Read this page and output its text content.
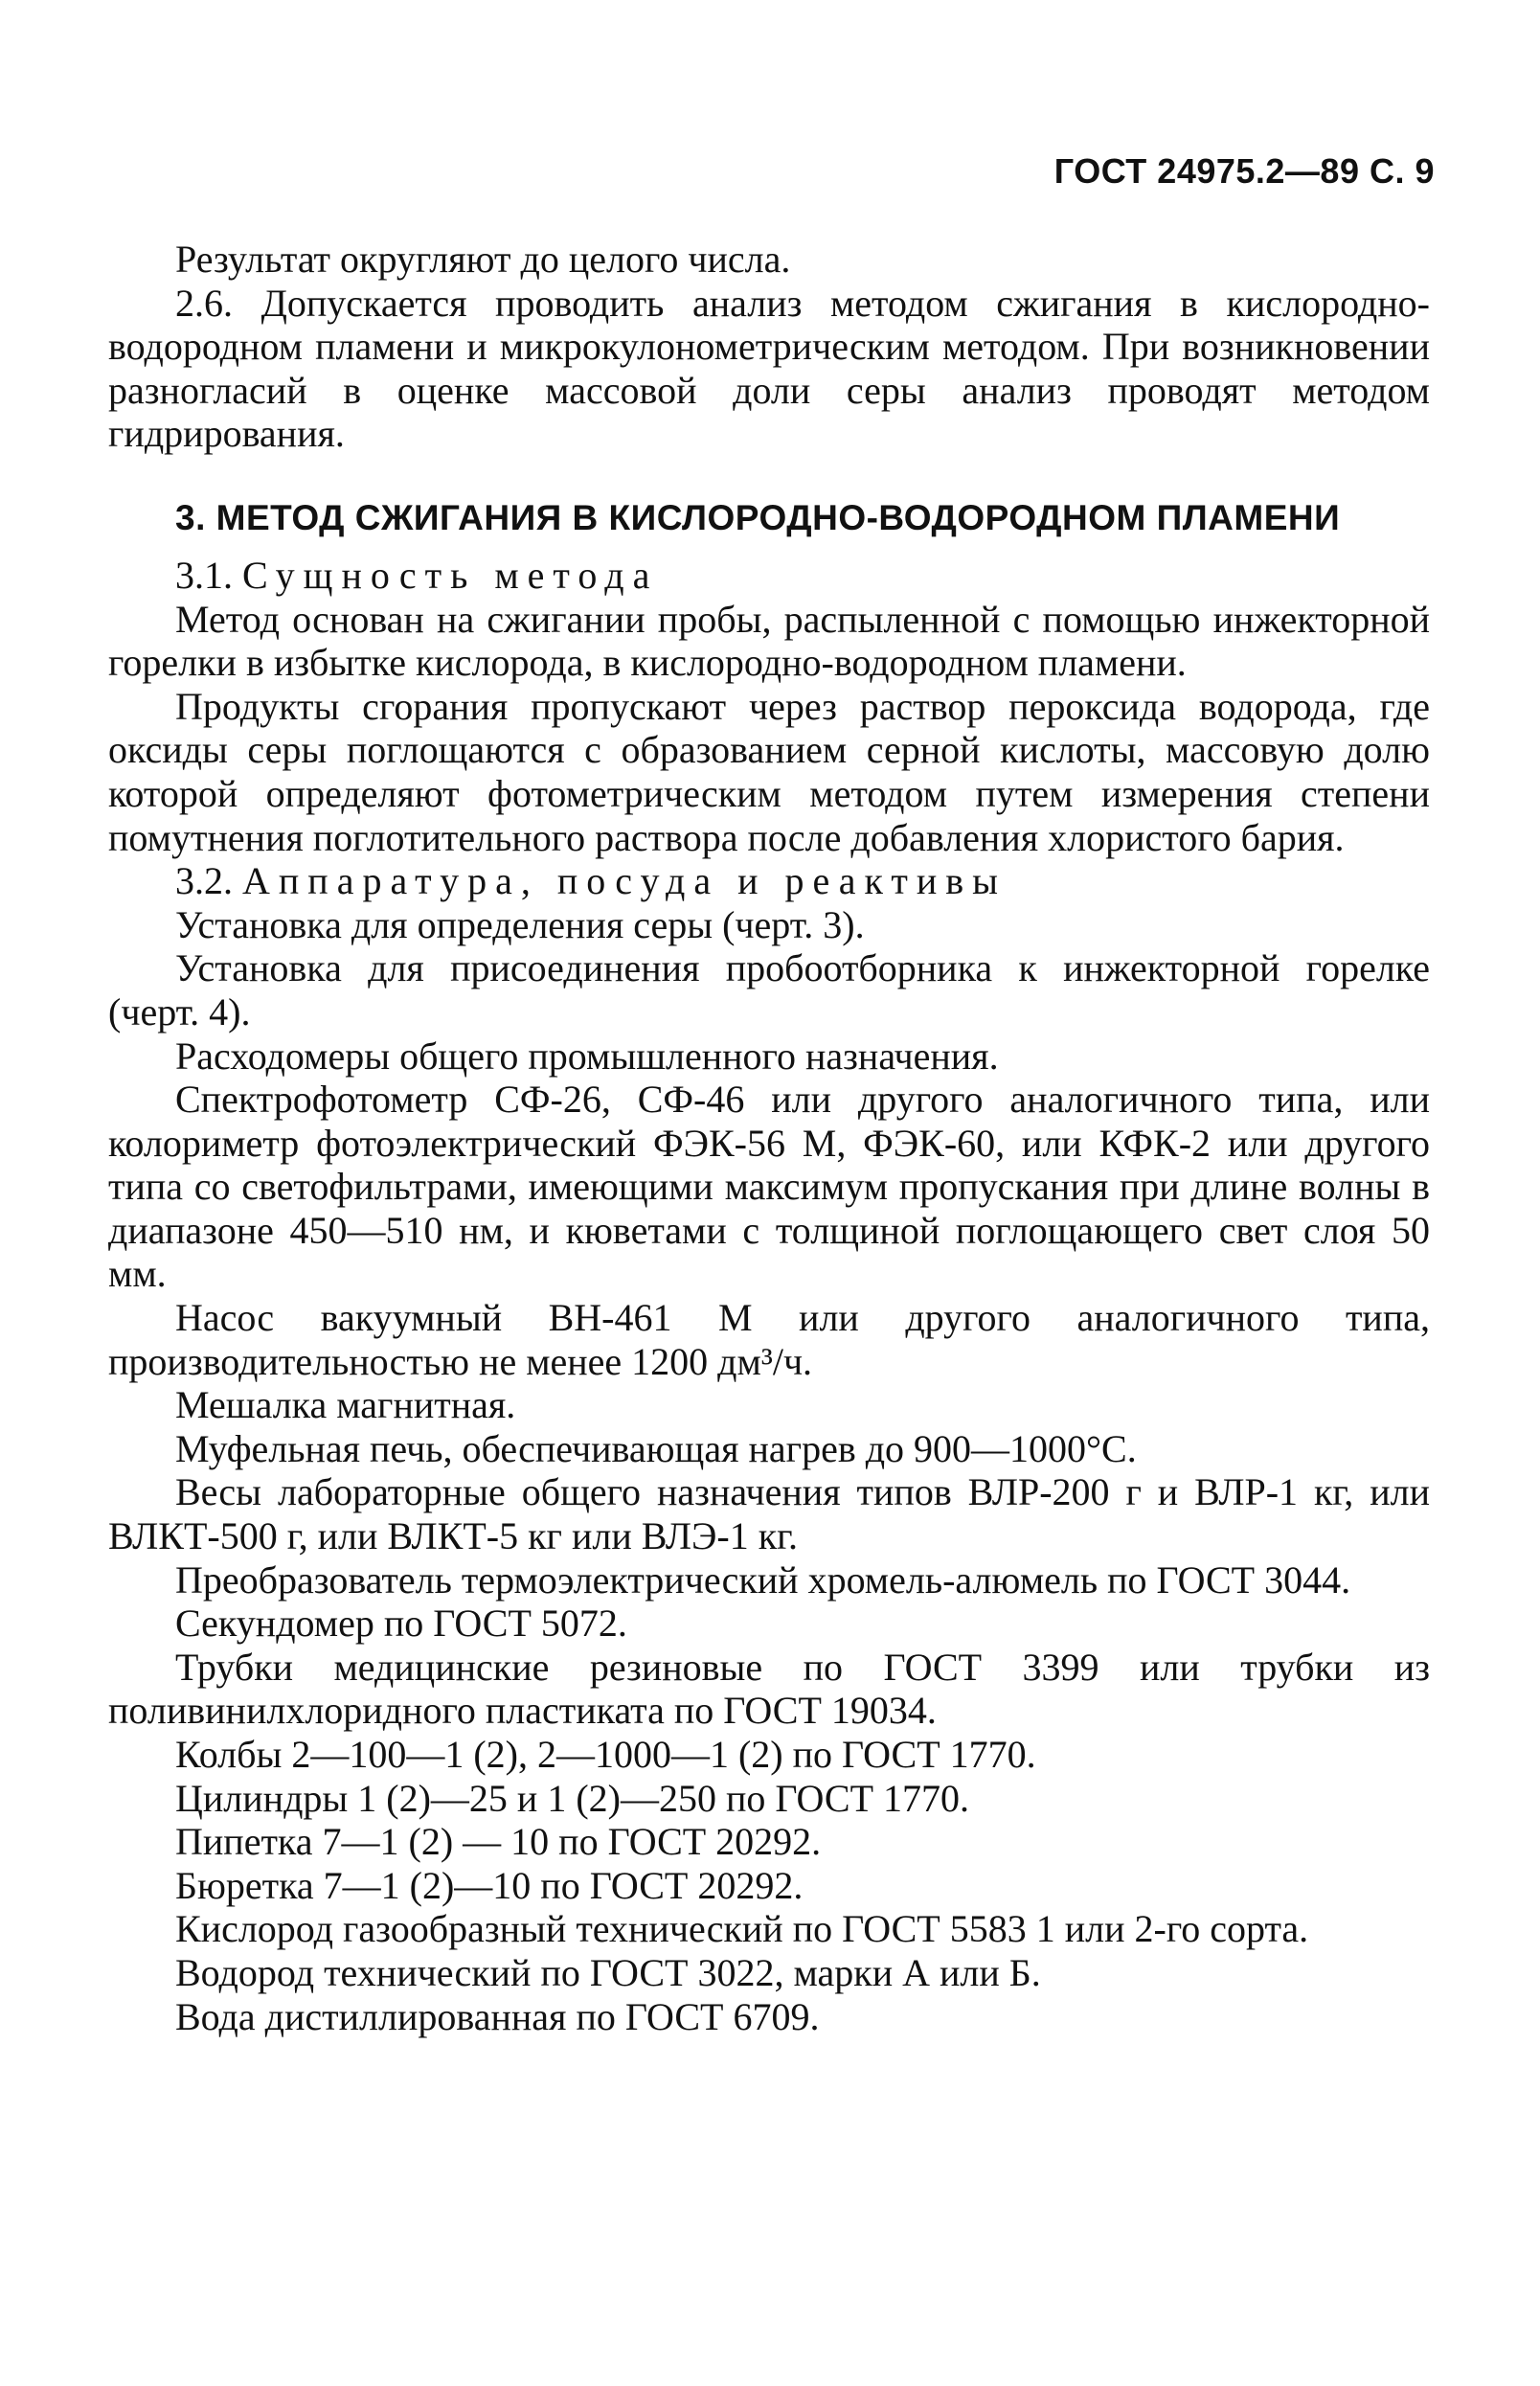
ГОСТ 24975.2—89 С. 9

Результат округляют до целого числа.

2.6. Допускается проводить анализ методом сжигания в кислородно-водородном пламени и микрокулонометрическим методом. При возникновении разногласий в оценке массовой доли серы анализ проводят методом гидрирования.

3. МЕТОД СЖИГАНИЯ В КИСЛОРОДНО-ВОДОРОДНОМ ПЛАМЕНИ

3.1. Сущность метода

Метод основан на сжигании пробы, распыленной с помощью инжекторной горелки в избытке кислорода, в кислородно-водородном пламени.

Продукты сгорания пропускают через раствор пероксида водорода, где оксиды серы поглощаются с образованием серной кислоты, массовую долю которой определяют фотометрическим методом путем измерения степени помутнения поглотительного раствора после добавления хлористого бария.

3.2. Аппаратура, посуда и реактивы

Установка для определения серы (черт. 3).

Установка для присоединения пробоотборника к инжекторной горелке (черт. 4).

Расходомеры общего промышленного назначения.

Спектрофотометр СФ-26, СФ-46 или другого аналогичного типа, или колориметр фотоэлектрический ФЭК-56 М, ФЭК-60, или КФК-2 или другого типа со светофильтрами, имеющими максимум пропускания при длине волны в диапазоне 450—510 нм, и кюветами с толщиной поглощающего свет слоя 50 мм.

Насос вакуумный ВН-461 М или другого аналогичного типа, производительностью не менее 1200 дм³/ч.

Мешалка магнитная.

Муфельная печь, обеспечивающая нагрев до 900—1000°С.

Весы лабораторные общего назначения типов ВЛР-200 г и ВЛР-1 кг, или ВЛКТ-500 г, или ВЛКТ-5 кг или ВЛЭ-1 кг.

Преобразователь термоэлектрический хромель-алюмель по ГОСТ 3044.

Секундомер по ГОСТ 5072.

Трубки медицинские резиновые по ГОСТ 3399 или трубки из поливинилхлоридного пластиката по ГОСТ 19034.

Колбы 2—100—1 (2), 2—1000—1 (2) по ГОСТ 1770.

Цилиндры 1 (2)—25 и 1 (2)—250 по ГОСТ 1770.

Пипетка 7—1 (2) — 10 по ГОСТ 20292.

Бюретка 7—1 (2)—10 по ГОСТ 20292.

Кислород газообразный технический по ГОСТ 5583 1 или 2-го сорта.

Водород технический по ГОСТ 3022, марки А или Б.

Вода дистиллированная по ГОСТ 6709.
